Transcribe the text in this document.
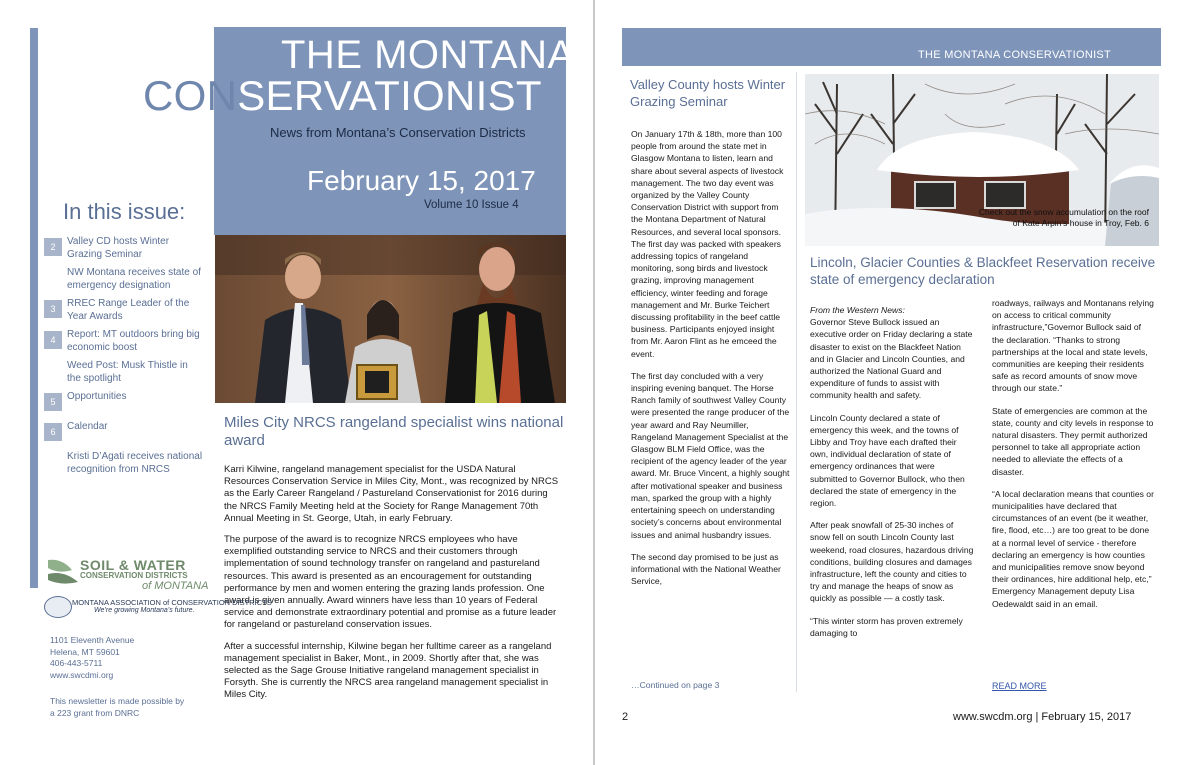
THE MONTANA
CONSERVATIONIST
News from Montana’s Conservation Districts
February 15, 2017
Volume 10 Issue 4
In this issue:
2	Valley CD hosts Winter Grazing Seminar
NW Montana receives state of emergency designation
3	RREC Range Leader of the Year Awards
4	Report: MT outdoors bring big economic boost
Weed Post: Musk Thistle in the spotlight
5	Opportunities
6	Calendar
Kristi D’Agati receives national recognition from NRCS
Miles City NRCS rangeland specialist wins national award

Karri Kilwine, rangeland management specialist for the USDA Natural Resources Conservation Service in Miles City, Mont., was recognized by NRCS as the Early Career Rangeland / Pastureland Conservationist for 2016 during the NRCS Family Meeting held at the Society for Range Management 70th Annual Meeting in St. George, Utah, in early February.

The purpose of the award is to recognize NRCS employees who have exemplified outstanding service to NRCS and their customers through implementation of sound technology transfer on rangeland and pastureland resources. This award is presented as an encouragement for outstanding performance by men and women entering the grazing lands profession. One award is given annually. Award winners have less than 10 years of Federal service and demonstrate extraordinary potential and promise as a future leader for rangeland or pastureland conservation issues.

After a successful internship, Kilwine began her fulltime career as a rangeland management specialist in Baker, Mont., in 2009. Shortly after that, she was selected as the Sage Grouse Initiative rangeland management specialist in Forsyth. She is currently the NRCS area rangeland management specialist in Miles City.

SOIL & WATER
CONSERVATION DISTRICTS
of MONTANA
MONTANA ASSOCIATION of CONSERVATION DISTRICTS
We’re growing Montana’s future.
1101 Eleventh Avenue
Helena, MT 59601
406-443-5711
www.swcdmi.org
This newsletter is made possible by a 223 grant from DNRC
THE MONTANA CONSERVATIONIST
Valley County hosts Winter Grazing Seminar

On January 17th & 18th, more than 100 people from around the state met in Glasgow Montana to listen, learn and share about several aspects of livestock management. The two day event was organized by the Valley County Conservation District with support from the Montana Department of Natural Resources, and several local sponsors. The first day was packed with speakers addressing topics of rangeland monitoring, song birds and livestock grazing, improving management efficiency, winter feeding and forage management and Mr. Burke Teichert discussing profitability in the beef cattle business. Participants enjoyed insight from Mr. Aaron Flint as he emceed the event.

The first day concluded with a very inspiring evening banquet. The Horse Ranch family of southwest Valley County were presented the range producer of the year award and Ray Neumiller, Rangeland Management Specialist at the Glasgow BLM Field Office, was the recipient of the agency leader of the year award. Mr. Bruce Vincent, a highly sought after motivational speaker and business man, sparked the group with a highly entertaining speech on understanding society’s concerns about environmental issues and animal husbandry issues.

The second day promised to be just as informational with the National Weather Service,

…Continued on page 3
Check out the snow accumulation on the roof of Kate Arpin’s house in Troy, Feb. 6
Lincoln, Glacier Counties & Blackfeet Reservation receive state of emergency declaration

From the Western News:
Governor Steve Bullock issued an executive order on Friday declaring a state disaster to exist on the Blackfeet Nation and in Glacier and Lincoln Counties, and authorized the National Guard and expenditure of funds to assist with community health and safety.

Lincoln County declared a state of emergency this week, and the towns of Libby and Troy have each drafted their own, individual declaration of state of emergency ordinances that were submitted to Governor Bullock, who then declared the state of emergency in the region.

After peak snowfall of 25-30 inches of snow fell on south Lincoln County last weekend, road closures, hazardous driving conditions, building closures and damages infrastructure, left the county and cities to try and manage the heaps of snow as quickly as possible — a costly task.

“This winter storm has proven extremely damaging to

roadways, railways and Montanans relying on access to critical community infrastructure,”Governor Bullock said of the declaration. “Thanks to strong partnerships at the local and state levels, communities are keeping their residents safe as record amounts of snow move through our state.”

State of emergencies are common at the state, county and city levels in response to natural disasters. They permit authorized personnel to take all appropriate action needed to alleviate the effects of a disaster.

“A local declaration means that counties or municipalities have declared that circumstances of an event (be it weather, fire, flood, etc…) are too great to be done at a normal level of service - therefore declaring an emergency is how counties and municipalities remove snow beyond their ordinances, hire additional help, etc,” Emergency Management deputy Lisa Oedewaldt said in an email.

READ MORE
2	www.swcdm.org | February 15, 2017
